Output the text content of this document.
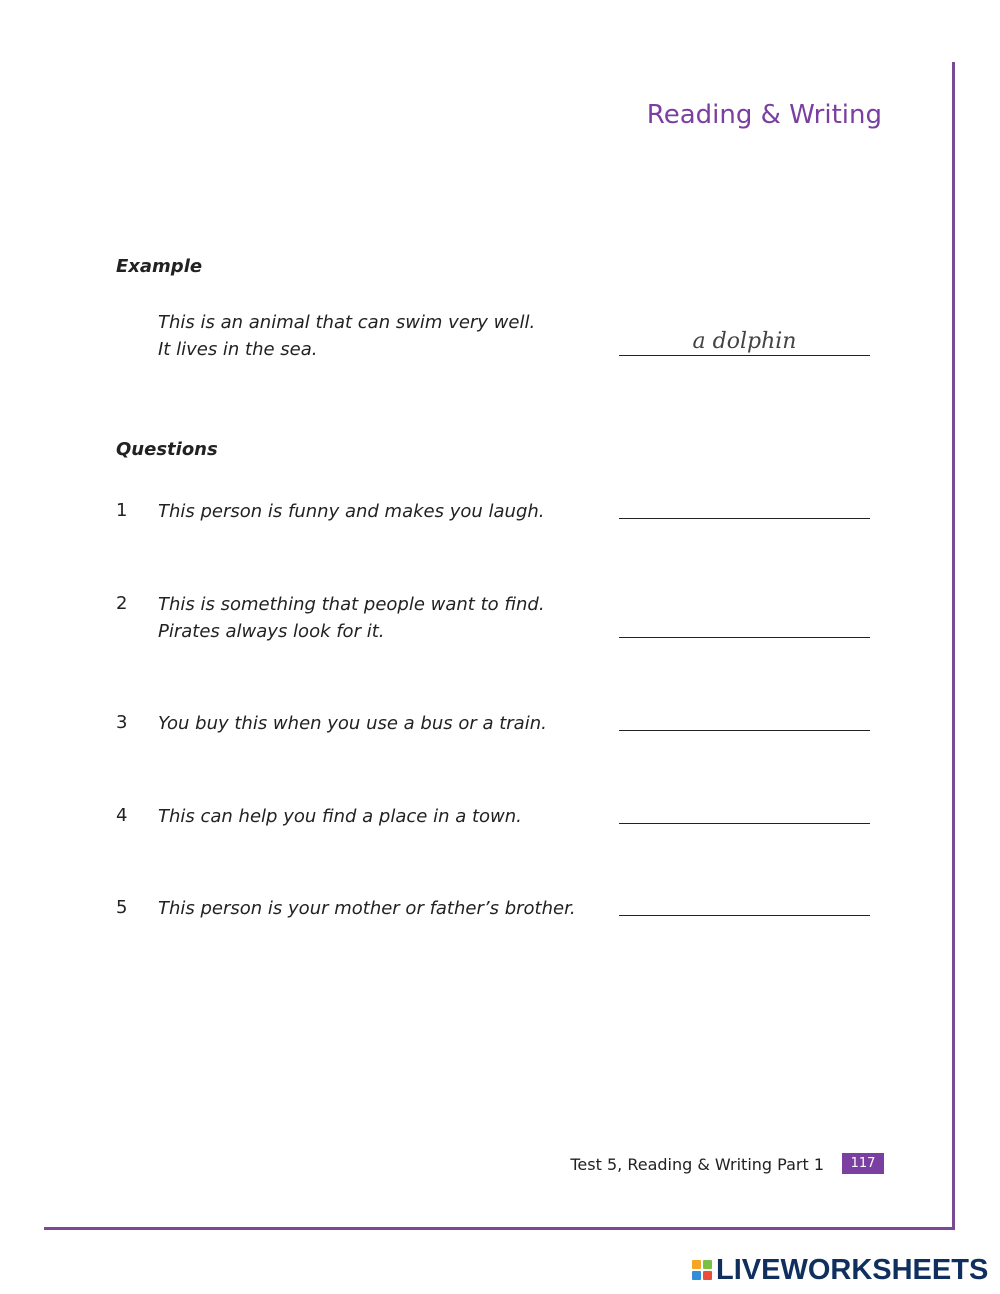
Reading & Writing
Example
This is an animal that can swim very well.
It lives in the sea.	a dolphin
Questions
1 This person is funny and makes you laugh.
2 This is something that people want to find.
Pirates always look for it.
3 You buy this when you use a bus or a train.
4 This can help you find a place in a town.
5 This person is your mother or father’s brother.
Test 5, Reading & Writing Part 1	117
LIVEWORKSHEETS
